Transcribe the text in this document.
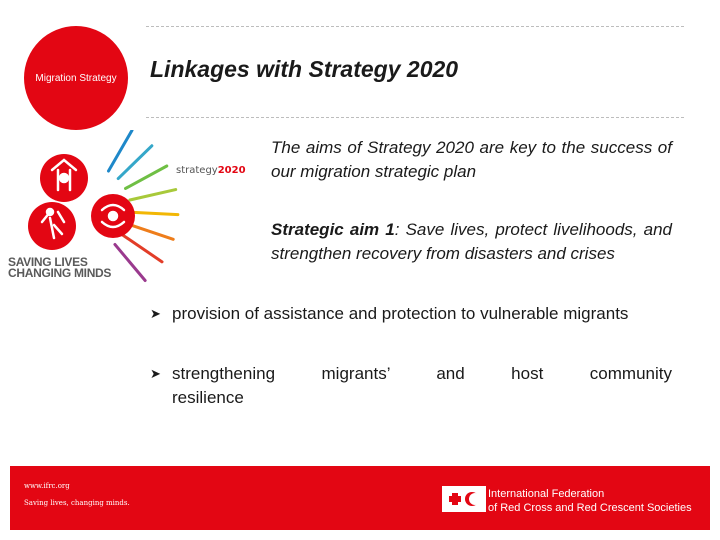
Migration Strategy Linkages with Strategy 2020
strategy2020
SAVING LIVES
CHANGING MINDS
The aims of Strategy 2020 are key to the success of our migration strategic plan
Strategic aim 1: Save lives, protect livelihoods, and strengthen recovery from disasters and crises
➤ provision of assistance and protection to vulnerable migrants
➤ strengthening migrants’ and host community resilience
www.ifrc.org
Saving lives, changing minds.
International Federation
of Red Cross and Red Crescent Societies
